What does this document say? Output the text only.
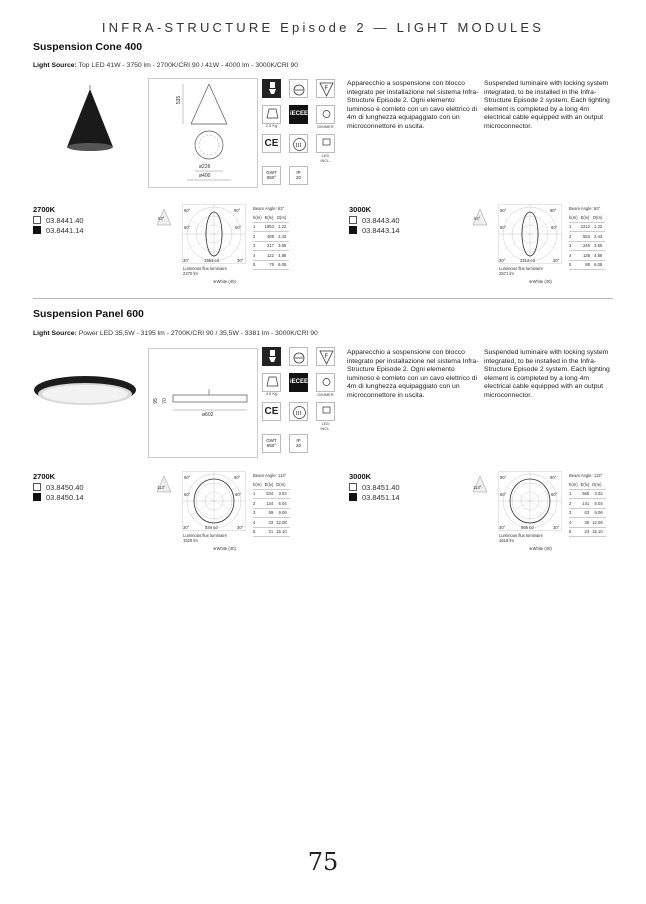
INFRA-STRUCTURE Episode 2 — LIGHT MODULES
Suspension Cone 400
Light Source: Top LED 41W - 3750 lm - 2700K/CRI 90 / 41W - 4000 lm - 3000K/CRI 90
535
ø226
ø400
F
2.5 Kg
iECEE
DIMMER
CE	III
LED INCL.
GWT
850°
IP
20
Apparecchio a sospensione con blocco integrato per installazione nel sistema Infra-Structure Episode 2. Ogni elemento luminoso è comleto con un cavo elettrico di 4m di lunghezza equipaggiato con un microconnettore in uscita.
Suspended luminaire with locking system integrated, to be installed in the Infra-Structure Episode 2 system. Each lighting element is completed by a long 4m electrical cable equipped with an output microconnector.
2700K
03.8441.40
03.8441.14
3000K
03.8443.40
03.8443.14
63°
90°	90°
60°	60°
30°	1953 cd	30°
Luminous flux luminaire
2270 lm
⊕White (40)
Beam Angle: 63°
h(m)	E(lx)	D(m)
1	1953	1.22
2	488	2.43
3	217	3.65
4	122	4.86
5	78	6.08
63°
90°	90°
60°	60°
30°	2212 cd	30°
Luminous flux luminaire
2571 lm
⊕White (40)
Beam Angle: 63°
h(m)	E(lx)	D(m)
1	2212	1.22
2	553	2.43
3	246	3.65
4	138	4.86
5	88	6.08
Suspension Panel 600
Light Source: Power LED 35,5W - 3195 lm - 2700K/CRI 90 / 35,5W - 3381 lm - 3000K/CRI 90
95 70
ø602
F
4.5 Kg
iECEE
DIMMER
CE	III
LED INCL.
GWT
850°
IP
20
Apparecchio a sospensione con blocco integrato per installazione nel sistema Infra-Structure Episode 2. Ogni elemento luminoso è comleto con un cavo elettrico di 4m di lunghezza equipaggiato con un microconnettore in uscita.
Suspended luminaire with locking system integrated, to be installed in the Infra-Structure Episode 2 system. Each lighting element is completed by a long 4m electrical cable equipped with an output microconnector.
2700K
03.8450.40
03.8450.14
3000K
03.8451.40
03.8451.14
113°
90°	90°
60°	60°
30°	534 cd	30°
Luminous flux luminaire
1529 lm
⊕White (40)
Beam Angle: 113°
h(m)	E(lx)	D(m)
1	534	3.02
2	134	6.04
3	59	9.06
4	33	12.08
5	21	15.10
113°
90°	90°
60°	60°
30°	565 cd	30°
Luminous flux luminaire
1618 lm
⊕White (40)
Beam Angle: 113°
h(m)	E(lx)	D(m)
1	565	3.02
2	141	6.04
3	63	9.06
4	35	12.08
5	23	15.10
75
